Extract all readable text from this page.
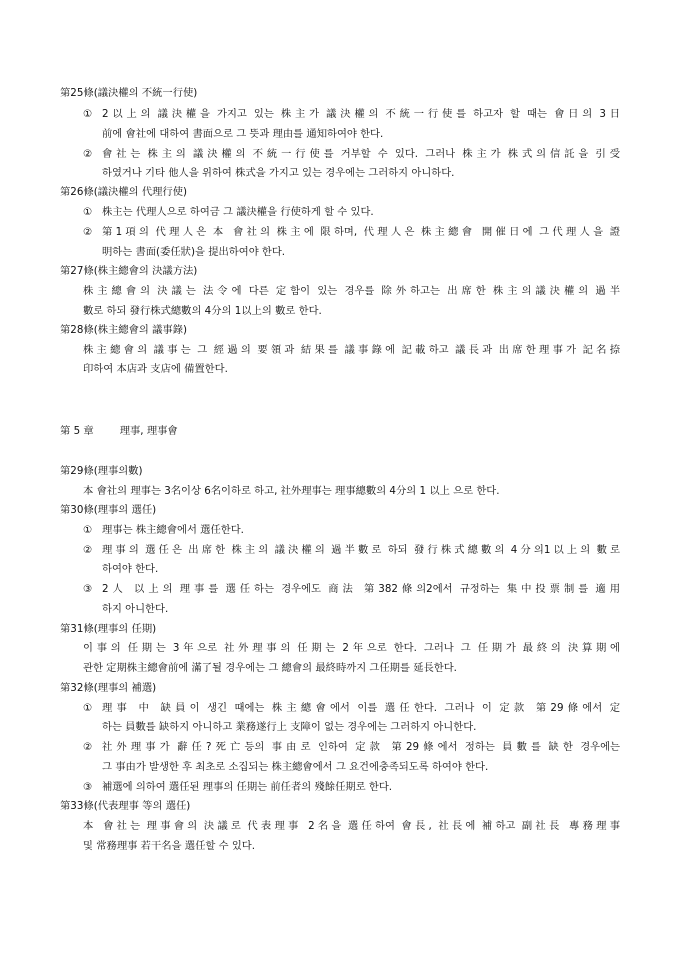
第25條(議決權의 不統一行使)
① 2以上의 議決權을 가지고 있는 株主가 議決權의 不統一行使를 하고자 할 때는 會日의 3日
前에 會社에 대하여 書面으로 그 뜻과 理由를 通知하여야 한다.
② 會社는 株主의 議決權의 不統一行使를 거부할 수 있다. 그러나 株主가 株式의信託을 引受
하였거나 기타 他人을 위하여 株式을 가지고 있는 경우에는 그러하지 아니하다.
第26條(議決權의 代理行使)
① 株主는 代理人으로 하여금 그 議決權을 行使하게 할 수 있다.
② 第1項의 代理人은 本 會社의 株主에 限하며, 代理人은 株主總會 開催日에 그代理人을 證
明하는 書面(委任狀)을 提出하여야 한다.
第27條(株主總會의 決議方法)
株主總會의 決議는 法令에 다른 定함이 있는 경우를 除外하고는 出席한 株主의議決權의 過半
數로 하되 發行株式總數의 4分의 1以上의 數로 한다.
第28條(株主總會의 議事錄)
株主總會의 議事는 그 經過의 要領과 結果를 議事錄에 記載하고 議長과 出席한理事가 記名捺
印하여 本店과 支店에 備置한다.
第 5 章	理事, 理事會
第29條(理事의數)
本 會社의 理事는 3名이상 6名이하로 하고, 社外理事는 理事總數의 4分의 1 以上 으로 한다.
第30條(理事의 選任)
① 理事는 株主總會에서 選任한다.
② 理事의 選任은 出席한 株主의 議決權의 過半數로 하되 發行株式總數의 4分의1以上의 數로
하여야 한다.
③ 2人 以上의 理事를 選任하는 경우에도 商法 第382條의2에서 규정하는 集中投票制를 適用
하지 아니한다.
第31條(理事의 任期)
이事의 任期는 3年으로 社外理事의 任期는 2年으로 한다. 그러나 그 任期가 最終의 決算期에
관한 定期株主總會前에 滿了될 경우에는 그 總會의 最終時까지 그任期를 延長한다.
第32條(理事의 補選)
① 理事 中 缺員이 생긴 때에는 株主總會에서 이를 選任한다. 그러나 이 定款 第29條에서 定
하는 員數를 缺하지 아니하고 業務遂行上 支障이 없는 경우에는 그러하지 아니한다.
② 社外理事가 辭任?死亡등의 事由로 인하여 定款 第29條에서 정하는 員數를 缺한 경우에는
그 事由가 발생한 후 최초로 소집되는 株主總會에서 그 요건에충족되도록 하여야 한다.
③ 補選에 의하여 選任된 理事의 任期는 前任者의 殘餘任期로 한다.
第33條(代表理事 等의 選任)
本 會社는 理事會의 決議로 代表理事 2名을 選任하여 會長, 社長에 補하고 副社長 專務理事
및 常務理事 若干名을 選任할 수 있다.
